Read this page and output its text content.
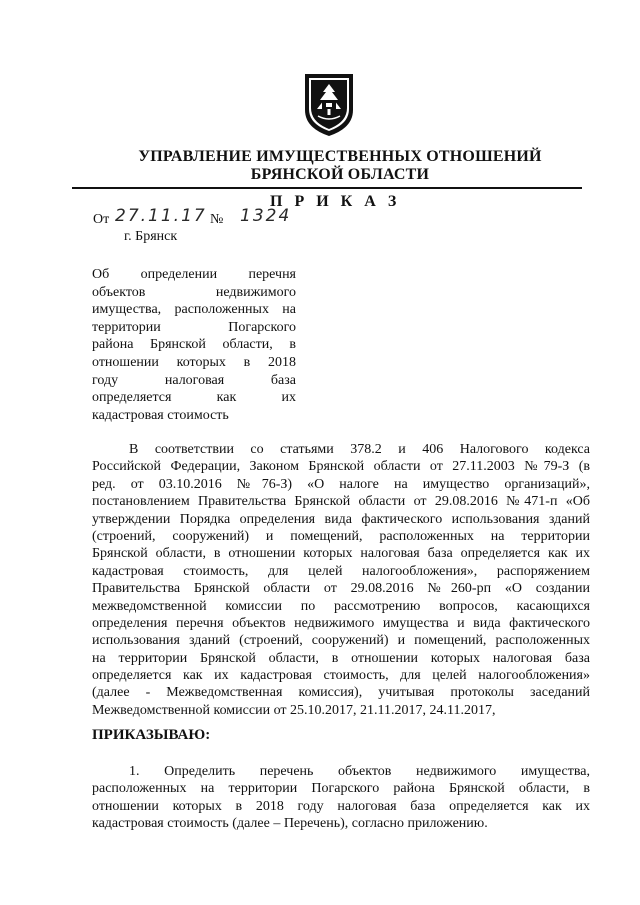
УПРАВЛЕНИЕ ИМУЩЕСТВЕННЫХ ОТНОШЕНИЙ
БРЯНСКОЙ ОБЛАСТИ
П Р И К А З
От 27.11.17 № 1324
г. Брянск
Об определении перечня
объектов недвижимого
имущества, расположенных на
территории Погарского
района Брянской области, в
отношении которых в 2018
году налоговая база
определяется как их
кадастровая стоимость
В соответствии со статьями 378.2 и 406 Налогового кодекса
Российской Федерации, Законом Брянской области от 27.11.2003 №79-З (в
ред. от 03.10.2016 №76-З) «О налоге на имущество организаций»,
постановлением Правительства Брянской области от 29.08.2016 №471-п «Об
утверждении Порядка определения вида фактического использования зданий
(строений, сооружений) и помещений, расположенных на территории
Брянской области, в отношении которых налоговая база определяется как их
кадастровая стоимость, для целей налогообложения», распоряжением
Правительства Брянской области от 29.08.2016 №260-рп «О создании
межведомственной комиссии по рассмотрению вопросов, касающихся
определения перечня объектов недвижимого имущества и вида фактического
использования зданий (строений, сооружений) и помещений, расположенных
на территории Брянской области, в отношении которых налоговая база
определяется как их кадастровая стоимость, для целей налогообложения»
(далее - Межведомственная комиссия), учитывая протоколы заседаний
Межведомственной комиссии от 25.10.2017, 21.11.2017, 24.11.2017,
ПРИКАЗЫВАЮ:
1. Определить перечень объектов недвижимого имущества,
расположенных на территории Погарского района Брянской области, в
отношении которых в 2018 году налоговая база определяется как их
кадастровая стоимость (далее – Перечень), согласно приложению.
